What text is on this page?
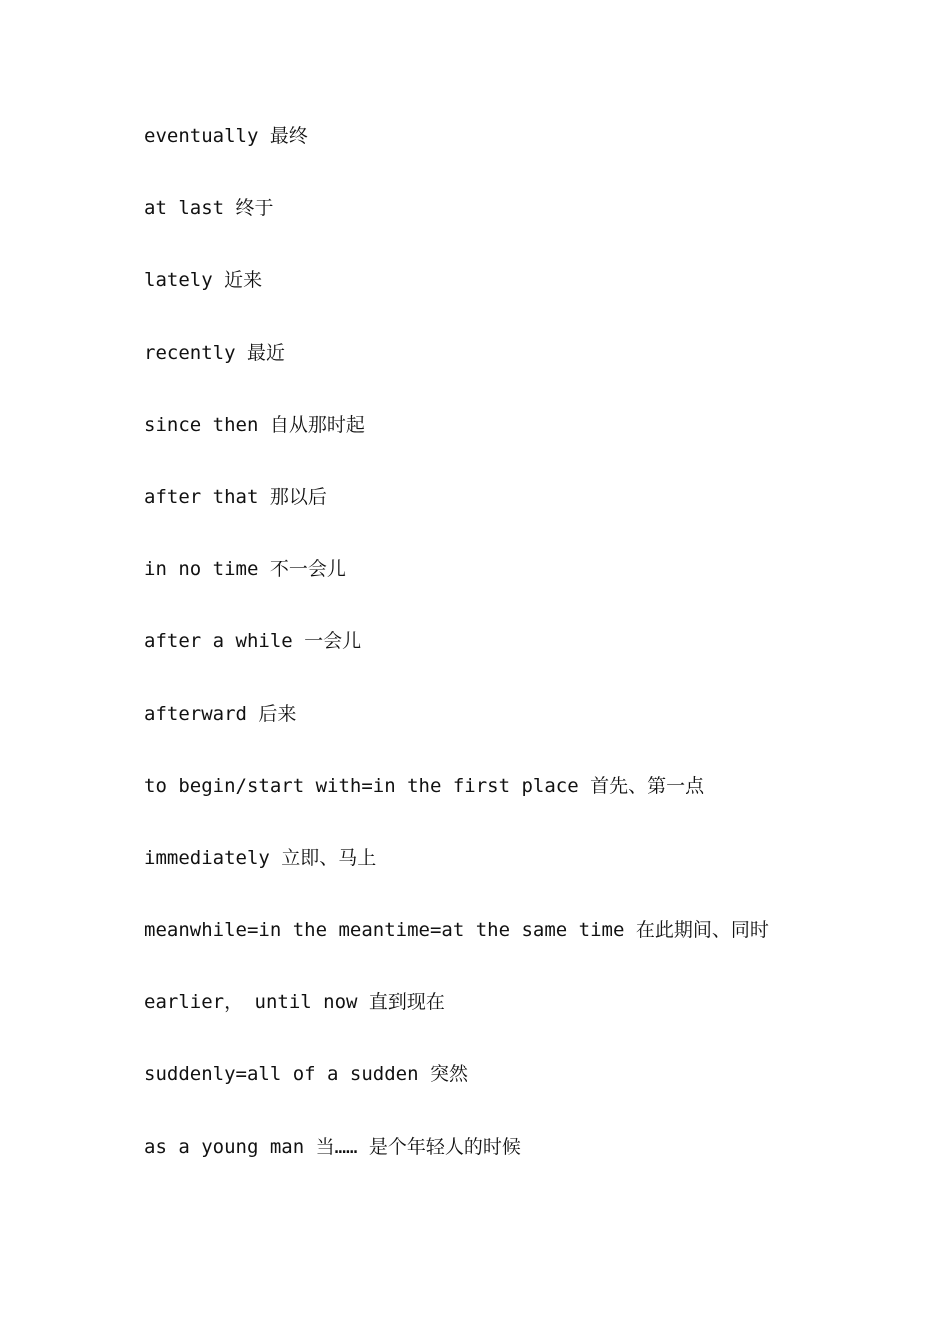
eventually 最终
at last 终于
lately 近来
recently 最近
since then 自从那时起
after that 那以后
in no time 不一会儿
after a while 一会儿
afterward 后来
to begin/start with=in the first place 首先、第一点
immediately 立即、马上
meanwhile=in the meantime=at the same time 在此期间、同时
earlier， until now 直到现在
suddenly=all of a sudden 突然
as a young man 当…… 是个年轻人的时候
